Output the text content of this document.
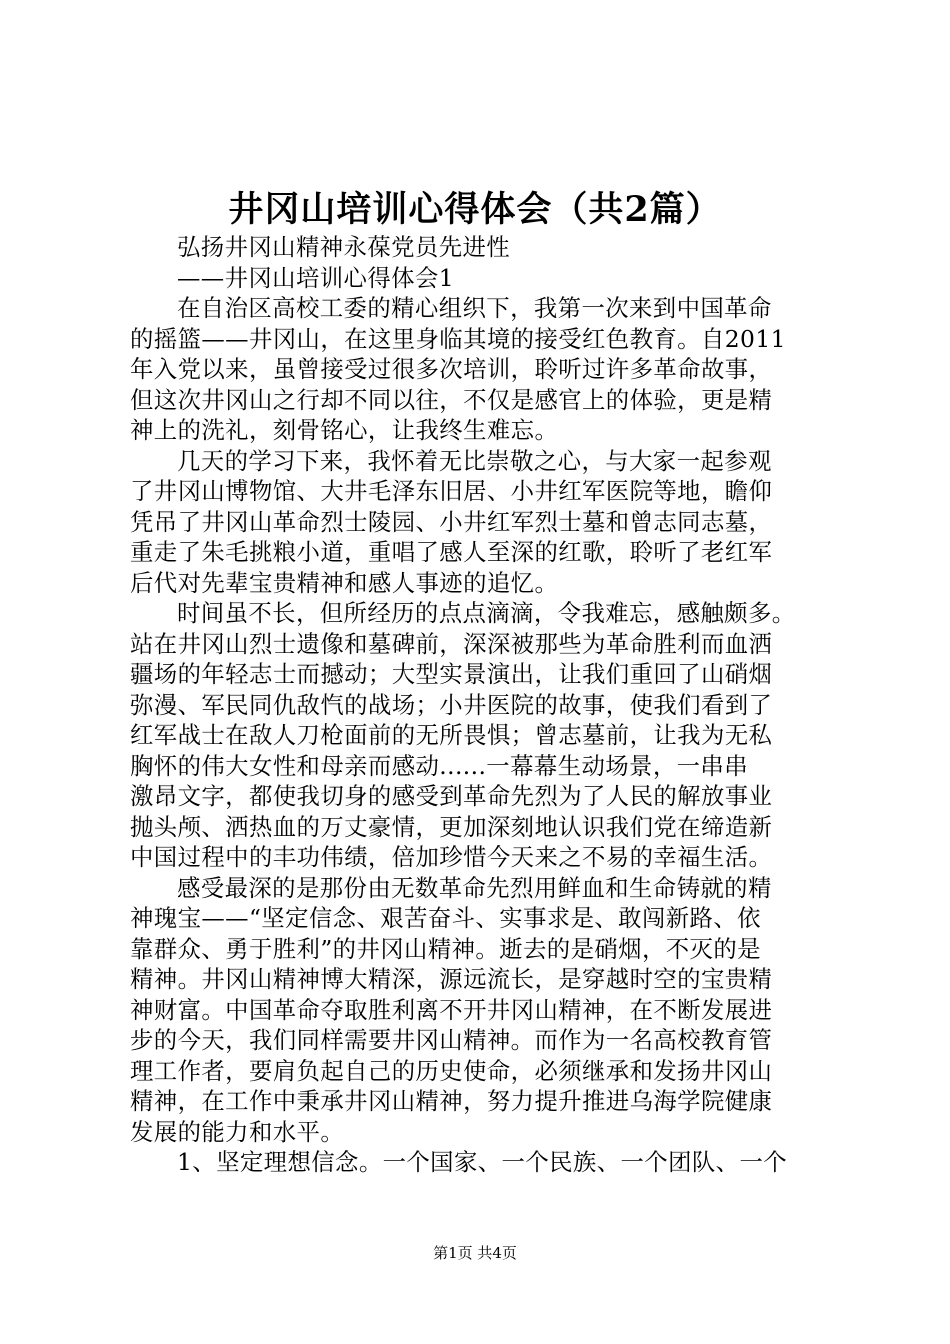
井冈山培训心得体会（共2篇）
弘扬井冈山精神永葆党员先进性
——井冈山培训心得体会1
在自治区高校工委的精心组织下，我第一次来到中国革命
的摇篮——井冈山，在这里身临其境的接受红色教育。自2011
年入党以来，虽曾接受过很多次培训，聆听过许多革命故事，
但这次井冈山之行却不同以往，不仅是感官上的体验，更是精
神上的洗礼，刻骨铭心，让我终生难忘。
几天的学习下来，我怀着无比崇敬之心，与大家一起参观
了井冈山博物馆、大井毛泽东旧居、小井红军医院等地，瞻仰
凭吊了井冈山革命烈士陵园、小井红军烈士墓和曾志同志墓，
重走了朱毛挑粮小道，重唱了感人至深的红歌，聆听了老红军
后代对先辈宝贵精神和感人事迹的追忆。
时间虽不长，但所经历的点点滴滴，令我难忘，感触颇多。
站在井冈山烈士遗像和墓碑前，深深被那些为革命胜利而血洒
疆场的年轻志士而撼动；大型实景演出，让我们重回了山硝烟
弥漫、军民同仇敌忾的战场；小井医院的故事，使我们看到了
红军战士在敌人刀枪面前的无所畏惧；曾志墓前，让我为无私
胸怀的伟大女性和母亲而感动......一幕幕生动场景，一串串
激昂文字，都使我切身的感受到革命先烈为了人民的解放事业
抛头颅、洒热血的万丈豪情，更加深刻地认识我们党在缔造新
中国过程中的丰功伟绩，倍加珍惜今天来之不易的幸福生活。
感受最深的是那份由无数革命先烈用鲜血和生命铸就的精
神瑰宝——“坚定信念、艰苦奋斗、实事求是、敢闯新路、依
靠群众、勇于胜利”的井冈山精神。逝去的是硝烟，不灭的是
精神。井冈山精神博大精深，源远流长，是穿越时空的宝贵精
神财富。中国革命夺取胜利离不开井冈山精神，在不断发展进
步的今天，我们同样需要井冈山精神。而作为一名高校教育管
理工作者，要肩负起自己的历史使命，必须继承和发扬井冈山
精神，在工作中秉承井冈山精神，努力提升推进乌海学院健康
发展的能力和水平。
1、坚定理想信念。一个国家、一个民族、一个团队、一个
第1页 共4页
